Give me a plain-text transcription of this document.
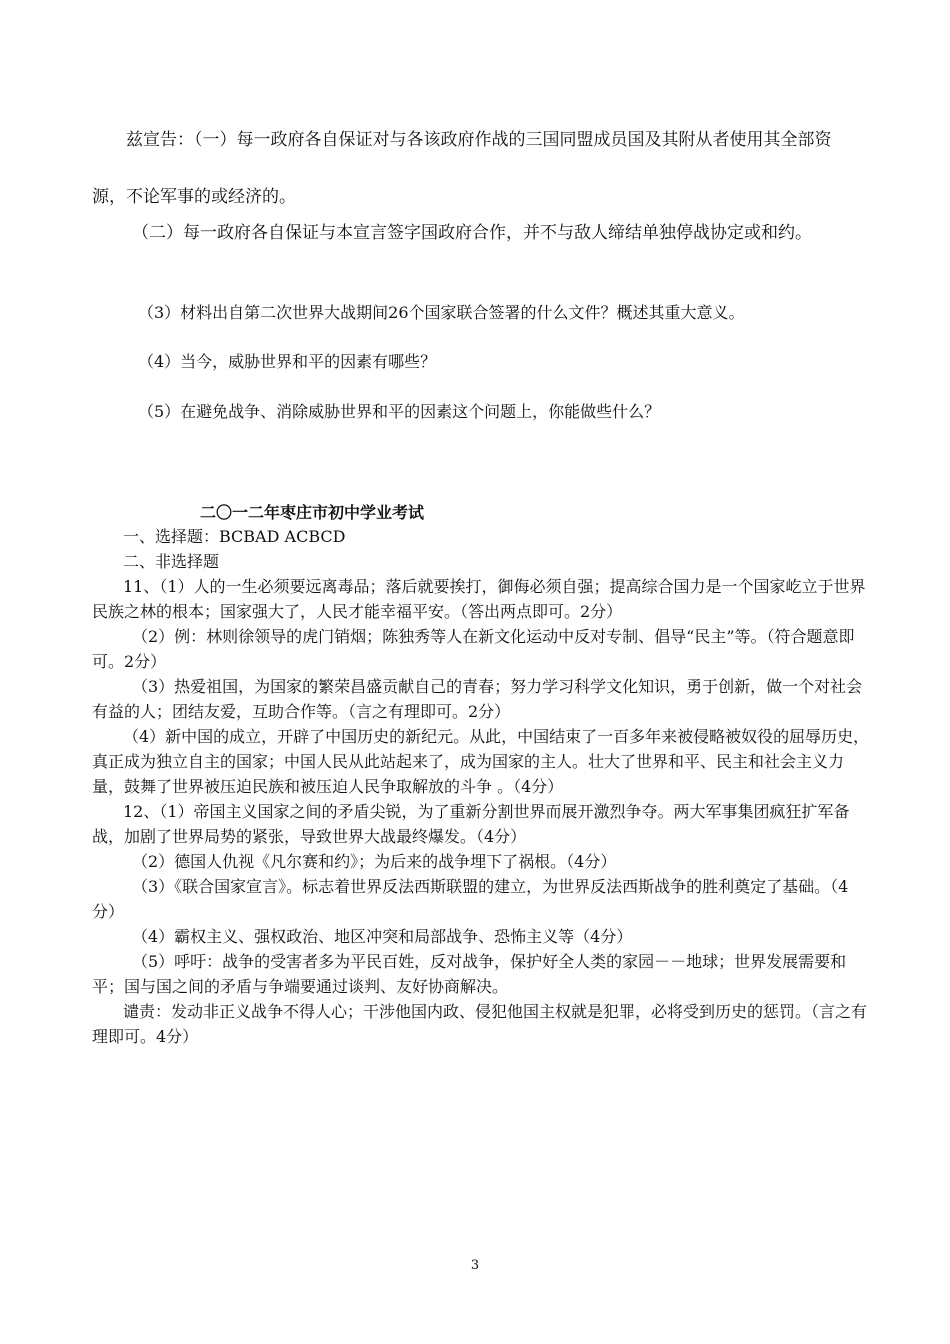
兹宣告：（一）每一政府各自保证对与各该政府作战的三国同盟成员国及其附从者使用其全部资源，不论军事的或经济的。

（二）每一政府各自保证与本宣言签字国政府合作，并不与敌人缔结单独停战协定或和约。

（3）材料出自第二次世界大战期间26个国家联合签署的什么文件？概述其重大意义。

（4）当今，威胁世界和平的因素有哪些？

（5）在避免战争、消除威胁世界和平的因素这个问题上，你能做些什么？

二〇一二年枣庄市初中学业考试

一、选择题：BCBAD ACBCD

二、非选择题

11、（1）人的一生必须要远离毒品；落后就要挨打，御侮必须自强；提高综合国力是一个国家屹立于世界民族之林的根本；国家强大了，人民才能幸福平安。（答出两点即可。2分）

（2）例：林则徐领导的虎门销烟；陈独秀等人在新文化运动中反对专制、倡导“民主”等。（符合题意即可。2分）

（3）热爱祖国，为国家的繁荣昌盛贡献自己的青春；努力学习科学文化知识，勇于创新，做一个对社会有益的人；团结友爱，互助合作等。（言之有理即可。2分）

（4）新中国的成立，开辟了中国历史的新纪元。从此，中国结束了一百多年来被侵略被奴役的屈辱历史，真正成为独立自主的国家；中国人民从此站起来了，成为国家的主人。壮大了世界和平、民主和社会主义力量，鼓舞了世界被压迫民族和被压迫人民争取解放的斗争 。（4分）

12、（1）帝国主义国家之间的矛盾尖锐，为了重新分割世界而展开激烈争夺。两大军事集团疯狂扩军备战，加剧了世界局势的紧张，导致世界大战最终爆发。（4分）

（2）德国人仇视《凡尔赛和约》；为后来的战争埋下了祸根。（4分）

（3）《联合国家宣言》。标志着世界反法西斯联盟的建立，为世界反法西斯战争的胜利奠定了基础。（4分）

（4）霸权主义、强权政治、地区冲突和局部战争、恐怖主义等（4分）

（5）呼吁：战争的受害者多为平民百姓，反对战争，保护好全人类的家园－－地球；世界发展需要和平；国与国之间的矛盾与争端要通过谈判、友好协商解决。

谴责：发动非正义战争不得人心；干涉他国内政、侵犯他国主权就是犯罪，必将受到历史的惩罚。（言之有理即可。4分）

3
